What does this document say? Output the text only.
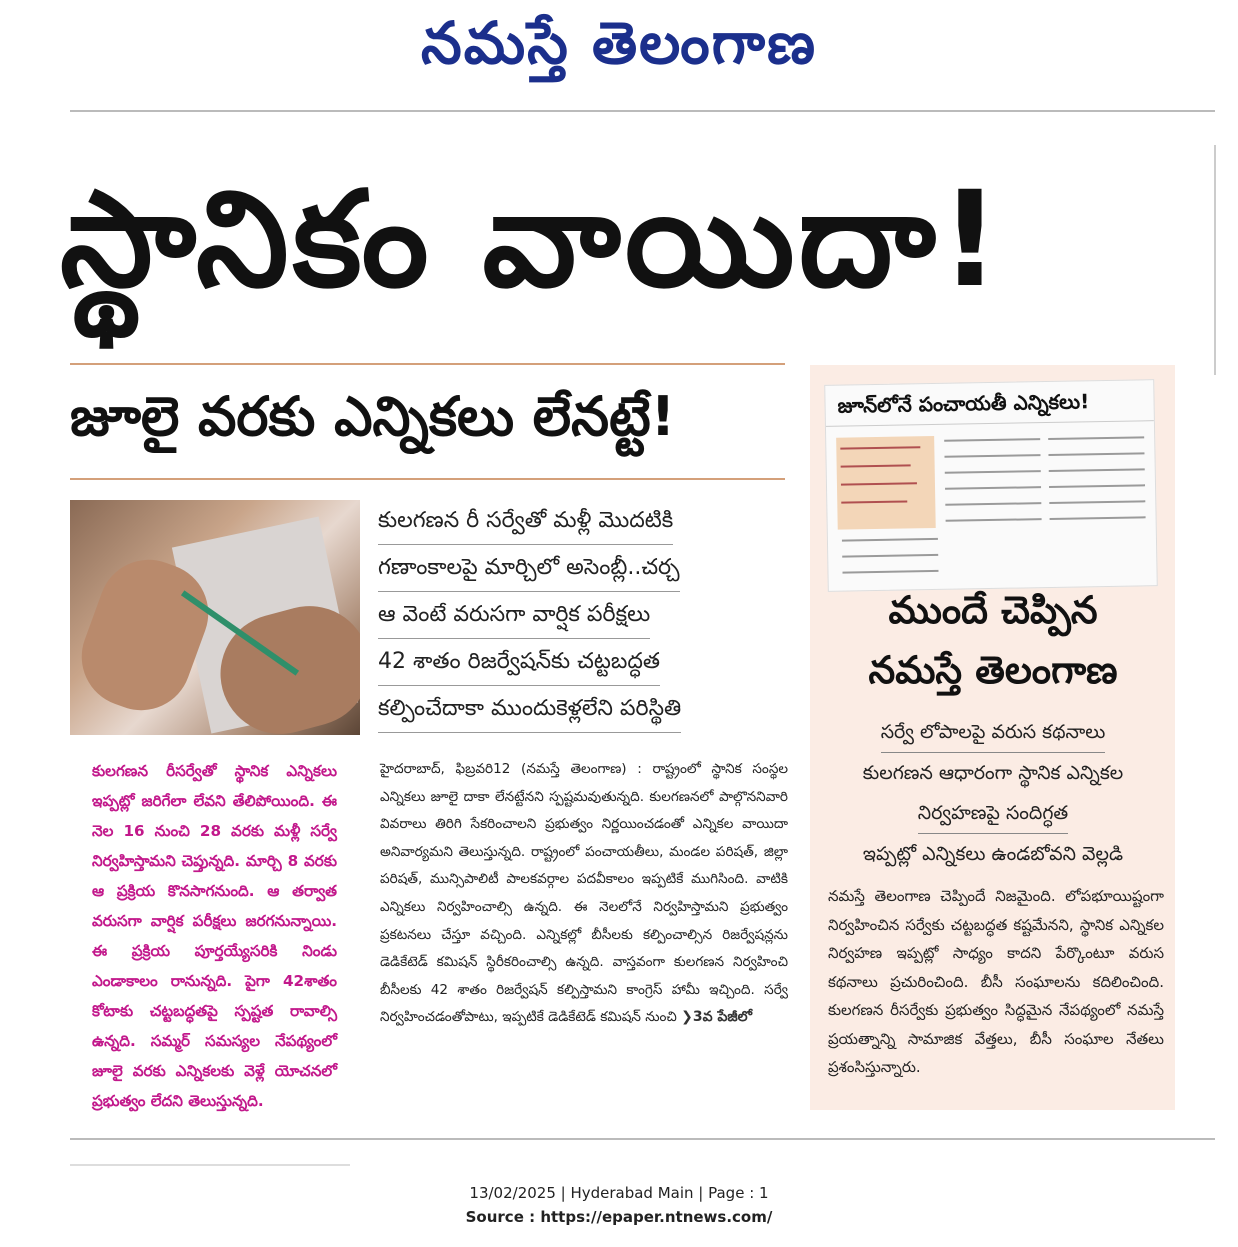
నమస్తే తెలంగాణ
స్థానికం వాయిదా!
జూలై వరకు ఎన్నికలు లేనట్టే!
కులగణన రీ సర్వేతో మళ్లీ మొదటికి
గణాంకాలపై మార్చిలో అసెంబ్లీ..చర్చ
ఆ వెంటే వరుసగా వార్షిక పరీక్షలు
42 శాతం రిజర్వేషన్‌కు చట్టబద్ధత
కల్పించేదాకా ముందుకెళ్లలేని పరిస్థితి
కులగణన రీసర్వేతో స్థానిక ఎన్నికలు ఇప్పట్లో జరిగేలా లేవని తేలిపోయింది. ఈ నెల 16 నుంచి 28 వరకు మళ్లీ సర్వే నిర్వహిస్తామని చెప్తున్నది. మార్చి 8 వరకు ఆ ప్రక్రియ కొనసాగనుంది. ఆ తర్వాత వరుసగా వార్షిక పరీక్షలు జరగనున్నాయి. ఈ ప్రక్రియ పూర్తయ్యేసరికి నిండు ఎండాకాలం రానున్నది. పైగా 42శాతం కోటాకు చట్టబద్ధతపై స్పష్టత రావాల్సి ఉన్నది. సమ్మర్ సమస్యల నేపథ్యంలో జూలై వరకు ఎన్నికలకు వెళ్లే యోచనలో ప్రభుత్వం లేదని తెలుస్తున్నది.
హైదరాబాద్, ఫిబ్రవరి12 (నమస్తే తెలంగాణ) : రాష్ట్రంలో స్థానిక సంస్థల ఎన్నికలు జూలై దాకా లేనట్టేనని స్పష్టమవుతున్నది. కులగణనలో పాల్గొననివారి వివరాలు తిరిగి సేకరించాలని ప్రభుత్వం నిర్ణయించడంతో ఎన్నికల వాయిదా అనివార్యమని తెలుస్తున్నది. రాష్ట్రంలో పంచాయతీలు, మండల పరిషత్, జిల్లా పరిషత్, మున్సిపాలిటీ పాలకవర్గాల పదవీకాలం ఇప్పటికే ముగిసింది. వాటికి ఎన్నికలు నిర్వహించాల్సి ఉన్నది. ఈ నెలలోనే నిర్వహిస్తామని ప్రభుత్వం ప్రకటనలు చేస్తూ వచ్చింది. ఎన్నికల్లో బీసీలకు కల్పించాల్సిన రిజర్వేషన్లను డెడికేటెడ్ కమిషన్ స్థిరీకరించాల్సి ఉన్నది. వాస్తవంగా కులగణన నిర్వహించి బీసీలకు 42 శాతం రిజర్వేషన్ కల్పిస్తామని కాంగ్రెస్ హామీ ఇచ్చింది. సర్వే నిర్వహించడంతోపాటు, ఇప్పటికే డెడికేటెడ్ కమిషన్ నుంచి ❯3వ పేజీలో
జూన్‌లోనే పంచాయతీ ఎన్నికలు!
ముందే చెప్పిన
నమస్తే తెలంగాణ
సర్వే లోపాలపై వరుస కథనాలు
కులగణన ఆధారంగా స్థానిక ఎన్నికల
నిర్వహణపై సందిగ్ధత
ఇప్పట్లో ఎన్నికలు ఉండబోవని వెల్లడి
నమస్తే తెలంగాణ చెప్పిందే నిజమైంది. లోపభూయిష్టంగా నిర్వహించిన సర్వేకు చట్టబద్ధత కష్టమేనని, స్థానిక ఎన్నికల నిర్వహణ ఇప్పట్లో సాధ్యం కాదని పేర్కొంటూ వరుస కథనాలు ప్రచురించింది. బీసీ సంఘాలను కదిలించింది. కులగణన రీసర్వేకు ప్రభుత్వం సిద్ధమైన నేపథ్యంలో నమస్తే ప్రయత్నాన్ని సామాజిక వేత్తలు, బీసీ సంఘాల నేతలు ప్రశంసిస్తున్నారు.
13/02/2025 | Hyderabad Main | Page : 1
Source : https://epaper.ntnews.com/
